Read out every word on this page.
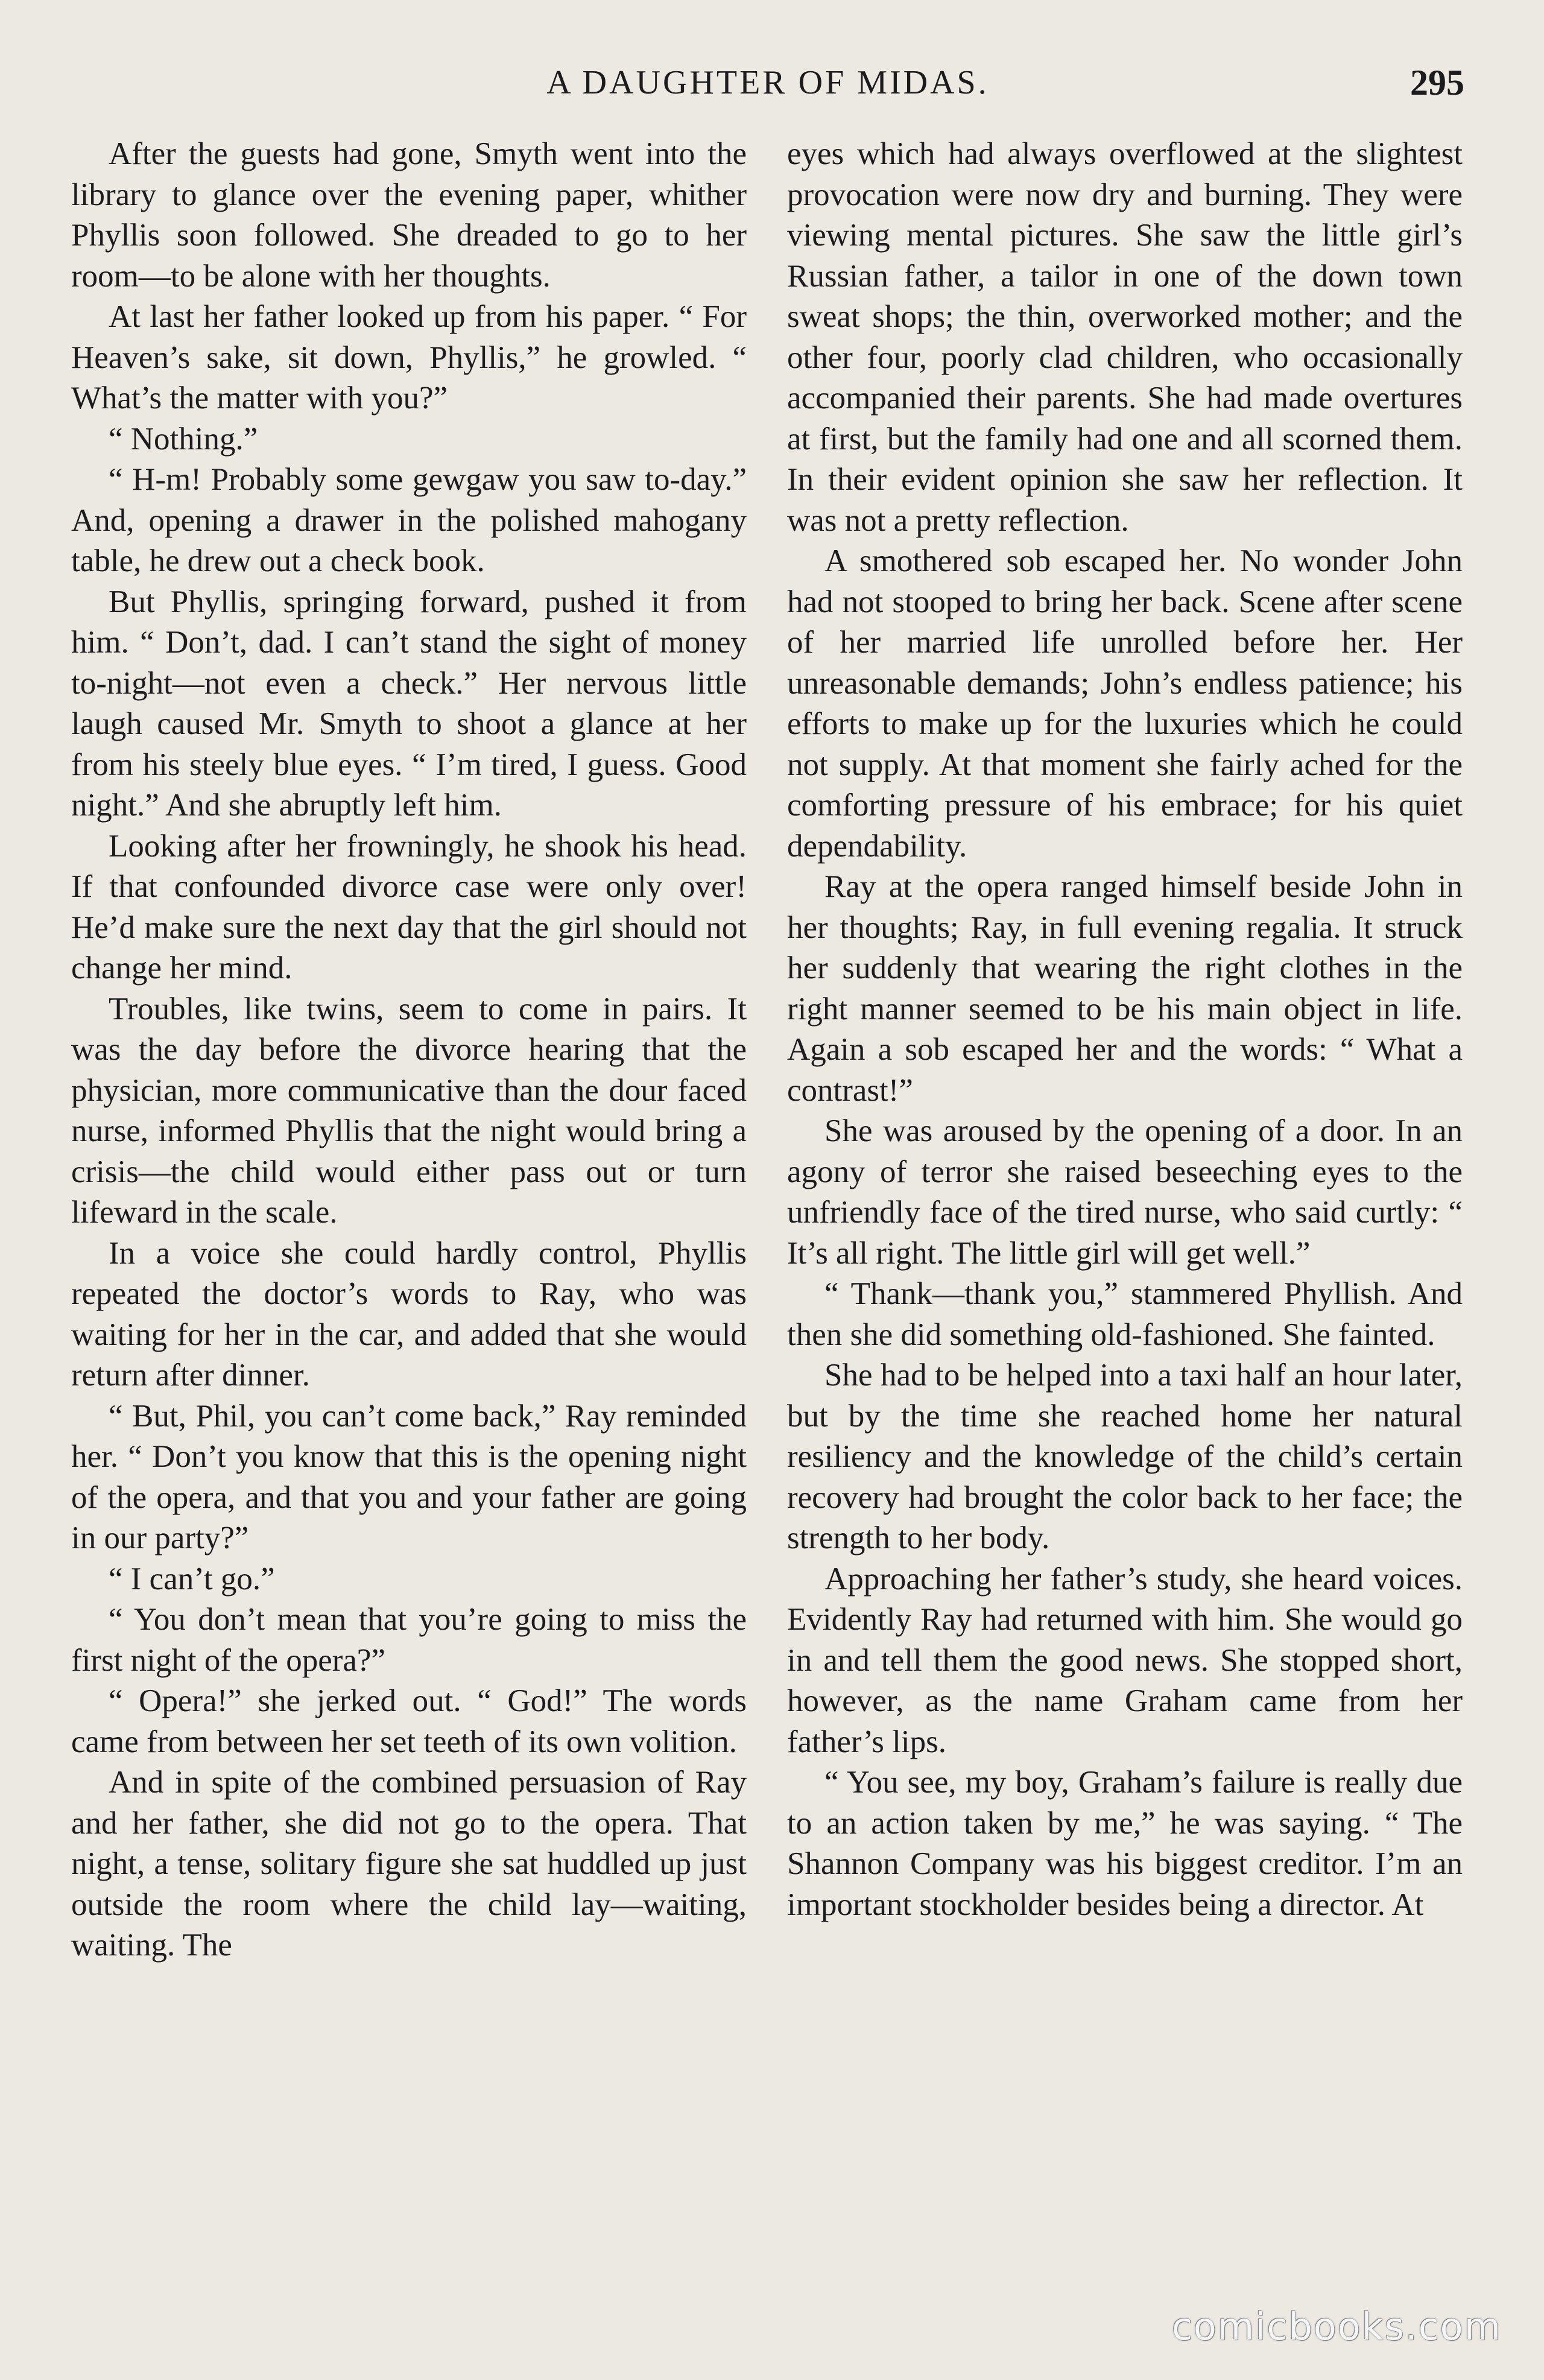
A DAUGHTER OF MIDAS.	295

After the guests had gone, Smyth went into the library to glance over the evening paper, whither Phyllis soon followed. She dreaded to go to her room—to be alone with her thoughts.

At last her father looked up from his paper. “ For Heaven’s sake, sit down, Phyllis,” he growled. “ What’s the matter with you?”

“ Nothing.”

“ H-m! Probably some gewgaw you saw to-day.” And, opening a drawer in the polished mahogany table, he drew out a check book.

But Phyllis, springing forward, pushed it from him. “ Don’t, dad. I can’t stand the sight of money to-night—not even a check.” Her nervous little laugh caused Mr. Smyth to shoot a glance at her from his steely blue eyes. “ I’m tired, I guess. Good night.” And she abruptly left him.

Looking after her frowningly, he shook his head. If that confounded divorce case were only over! He’d make sure the next day that the girl should not change her mind.

Troubles, like twins, seem to come in pairs. It was the day before the divorce hearing that the physician, more communicative than the dour faced nurse, informed Phyllis that the night would bring a crisis—the child would either pass out or turn lifeward in the scale.

In a voice she could hardly control, Phyllis repeated the doctor’s words to Ray, who was waiting for her in the car, and added that she would return after dinner.

“ But, Phil, you can’t come back,” Ray reminded her. “ Don’t you know that this is the opening night of the opera, and that you and your father are going in our party?”

“ I can’t go.”

“ You don’t mean that you’re going to miss the first night of the opera?”

“ Opera!” she jerked out. “ God!” The words came from between her set teeth of its own volition.

And in spite of the combined persuasion of Ray and her father, she did not go to the opera. That night, a tense, solitary figure she sat huddled up just outside the room where the child lay—waiting, waiting. The

eyes which had always overflowed at the slightest provocation were now dry and burning. They were viewing mental pictures. She saw the little girl’s Russian father, a tailor in one of the down town sweat shops; the thin, overworked mother; and the other four, poorly clad children, who occasionally accompanied their parents. She had made overtures at first, but the family had one and all scorned them. In their evident opinion she saw her reflection. It was not a pretty reflection.

A smothered sob escaped her. No wonder John had not stooped to bring her back. Scene after scene of her married life unrolled before her. Her unreasonable demands; John’s endless patience; his efforts to make up for the luxuries which he could not supply. At that moment she fairly ached for the comforting pressure of his embrace; for his quiet dependability.

Ray at the opera ranged himself beside John in her thoughts; Ray, in full evening regalia. It struck her suddenly that wearing the right clothes in the right manner seemed to be his main object in life. Again a sob escaped her and the words: “ What a contrast!”

She was aroused by the opening of a door. In an agony of terror she raised beseeching eyes to the unfriendly face of the tired nurse, who said curtly: “ It’s all right. The little girl will get well.”

“ Thank—thank you,” stammered Phyllish. And then she did something old-fashioned. She fainted.

She had to be helped into a taxi half an hour later, but by the time she reached home her natural resiliency and the knowledge of the child’s certain recovery had brought the color back to her face; the strength to her body.

Approaching her father’s study, she heard voices. Evidently Ray had returned with him. She would go in and tell them the good news. She stopped short, however, as the name Graham came from her father’s lips.

“ You see, my boy, Graham’s failure is really due to an action taken by me,” he was saying. “ The Shannon Company was his biggest creditor. I’m an important stockholder besides being a director. At

comicbooks.com
